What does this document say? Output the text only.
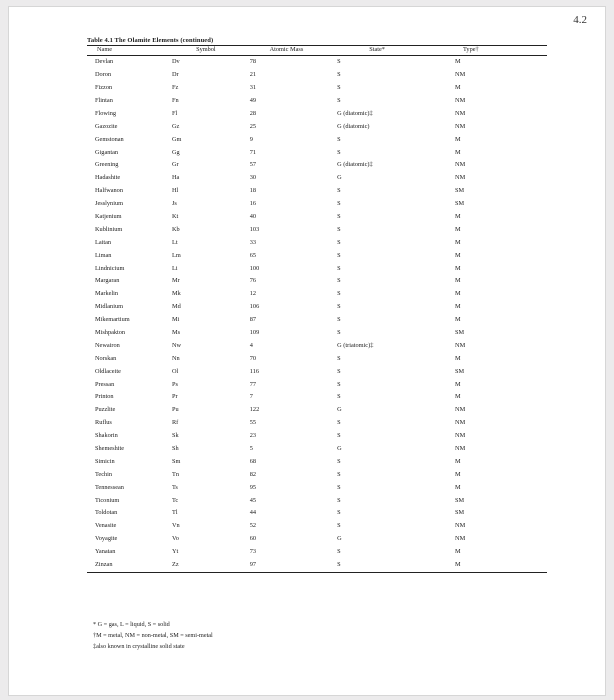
4.2
Table 4.1 The Olamite Elements (continued)
Name	Symbol	Atomic Mass	State*	Type†
Devlan	Dv	78	S	M
Doron	Dr	21	S	NM
Fizzon	Fz	31	S	M
Flintan	Fn	49	S	NM
Flowing	Fl	28	G (diatomic)‡	NM
Gazozite	Gz	25	G (diatomic)	NM
Gemstonan	Gm	9	S	M
Gigantan	Gg	71	S	M
Greening	Gr	57	G (diatomic)‡	NM
Hadashite	Ha	30	G	NM
Halfwanon	Hl	18	S	SM
Jesslynium	Js	16	S	SM
Katjenium	Kt	40	S	M
Kublinium	Kb	103	S	M
Laitan	Lt	33	S	M
Liman	Lm	65	S	M
Lindnicium	Li	100	S	M
Margaran	Mr	76	S	M
Markelin	Mk	12	S	M
Midlanium	Md	106	S	M
Mikemartium	Mi	87	S	M
Mishpakton	Ms	109	S	SM
Newairon	Nw	4	G (triatomic)‡	NM
Norskan	Nn	70	S	M
Oldlaceite	Ol	116	S	SM
Pressan	Ps	77	S	M
Printon	Pr	7	S	M
Puzzlite	Pu	122	G	NM
Ruflus	Rf	55	S	NM
Shakorin	Sk	23	S	NM
Shemeshite	Sh	5	G	NM
Simicin	Sm	68	S	M
Techin	Tn	82	S	M
Tennessean	Ts	95	S	M
Ticonium	Tc	45	S	SM
Toldotan	Tl	44	S	SM
Venasite	Vn	52	S	NM
Voyagite	Vo	60	G	NM
Yanatan	Yt	73	S	M
Zinzan	Zz	97	S	M
* G = gas, L = liquid, S = solid
†M = metal, NM = non-metal, SM = semi-metal
‡also known in crystalline solid state
